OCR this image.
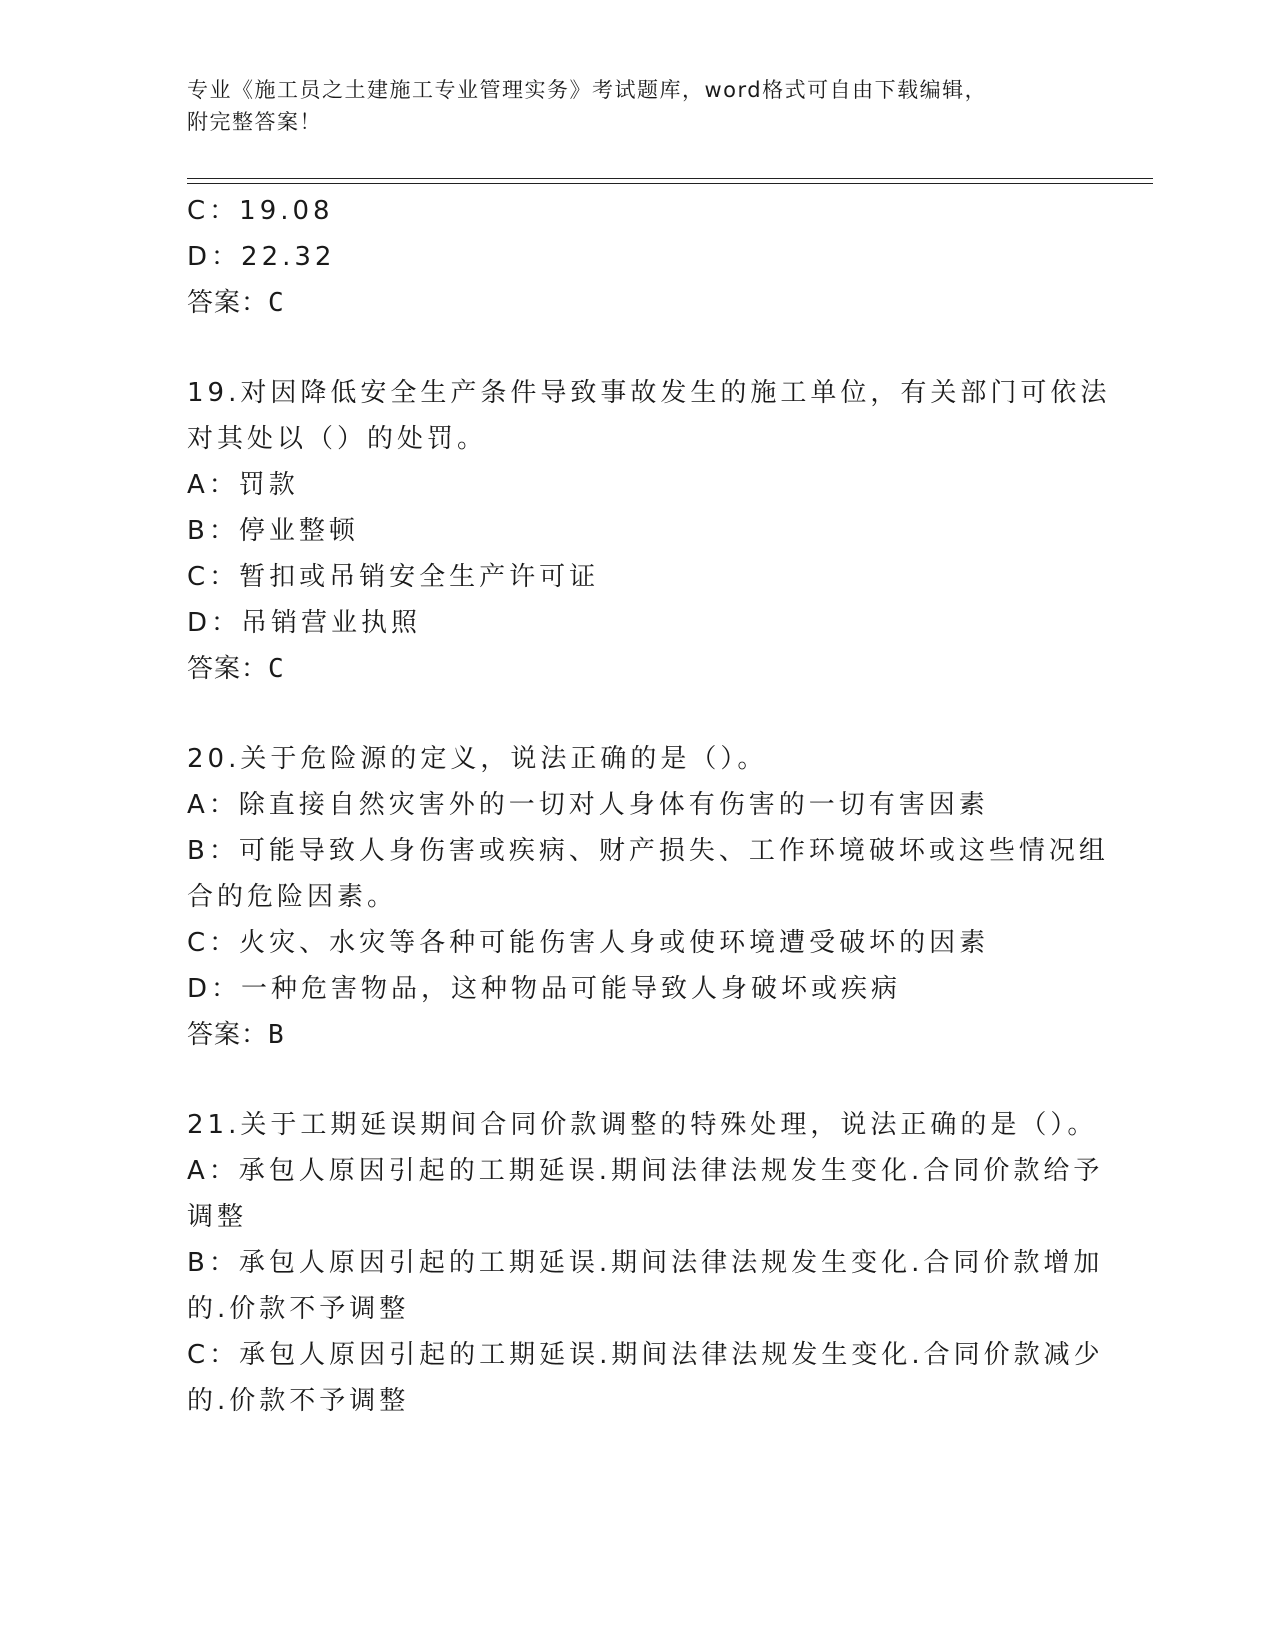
专业《施工员之土建施工专业管理实务》考试题库，word格式可自由下载编辑，
附完整答案！
C：19.08
D：22.32
答案：C
19.对因降低安全生产条件导致事故发生的施工单位，有关部门可依法
对其处以（）的处罚。
A：罚款
B：停业整顿
C：暂扣或吊销安全生产许可证
D：吊销营业执照
答案：C
20.关于危险源的定义，说法正确的是（）。
A：除直接自然灾害外的一切对人身体有伤害的一切有害因素
B：可能导致人身伤害或疾病、财产损失、工作环境破坏或这些情况组
合的危险因素。
C：火灾、水灾等各种可能伤害人身或使环境遭受破坏的因素
D：一种危害物品，这种物品可能导致人身破坏或疾病
答案：B
21.关于工期延误期间合同价款调整的特殊处理，说法正确的是（）。
A：承包人原因引起的工期延误.期间法律法规发生变化.合同价款给予
调整
B：承包人原因引起的工期延误.期间法律法规发生变化.合同价款增加
的.价款不予调整
C：承包人原因引起的工期延误.期间法律法规发生变化.合同价款减少
的.价款不予调整
